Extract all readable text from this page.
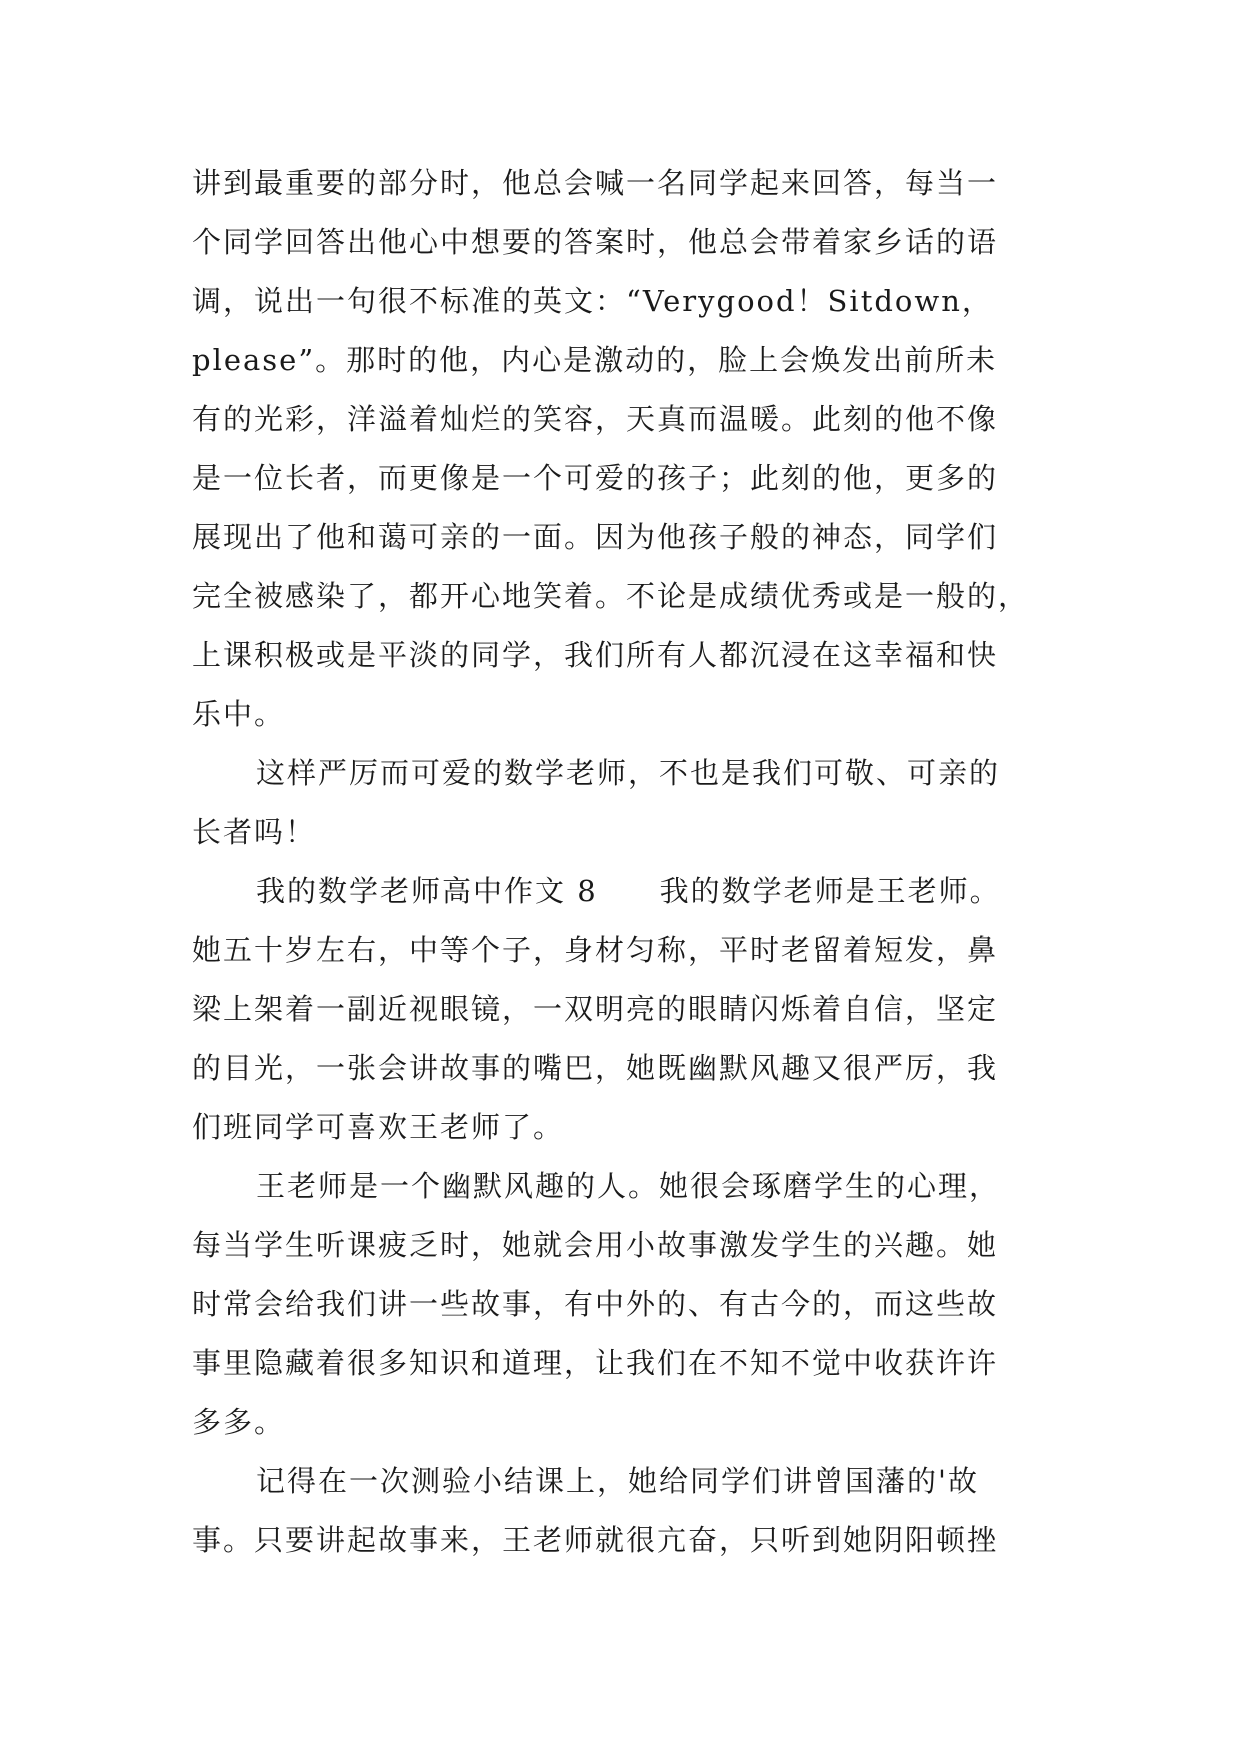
讲到最重要的部分时，他总会喊一名同学起来回答，每当一
个同学回答出他心中想要的答案时，他总会带着家乡话的语
调，说出一句很不标准的英文：“Verygood！Sitdown，
please”。那时的他，内心是激动的，脸上会焕发出前所未
有的光彩，洋溢着灿烂的笑容，天真而温暖。此刻的他不像
是一位长者，而更像是一个可爱的孩子；此刻的他，更多的
展现出了他和蔼可亲的一面。因为他孩子般的神态，同学们
完全被感染了，都开心地笑着。不论是成绩优秀或是一般的，
上课积极或是平淡的同学，我们所有人都沉浸在这幸福和快
乐中。
这样严厉而可爱的数学老师，不也是我们可敬、可亲的
长者吗！
我的数学老师高中作文 8　　我的数学老师是王老师。
她五十岁左右，中等个子，身材匀称，平时老留着短发，鼻
梁上架着一副近视眼镜，一双明亮的眼睛闪烁着自信，坚定
的目光，一张会讲故事的嘴巴，她既幽默风趣又很严厉，我
们班同学可喜欢王老师了。
王老师是一个幽默风趣的人。她很会琢磨学生的心理，
每当学生听课疲乏时，她就会用小故事激发学生的兴趣。她
时常会给我们讲一些故事，有中外的、有古今的，而这些故
事里隐藏着很多知识和道理，让我们在不知不觉中收获许许
多多。
记得在一次测验小结课上，她给同学们讲曾国藩的'故
事。只要讲起故事来，王老师就很亢奋，只听到她阴阳顿挫
